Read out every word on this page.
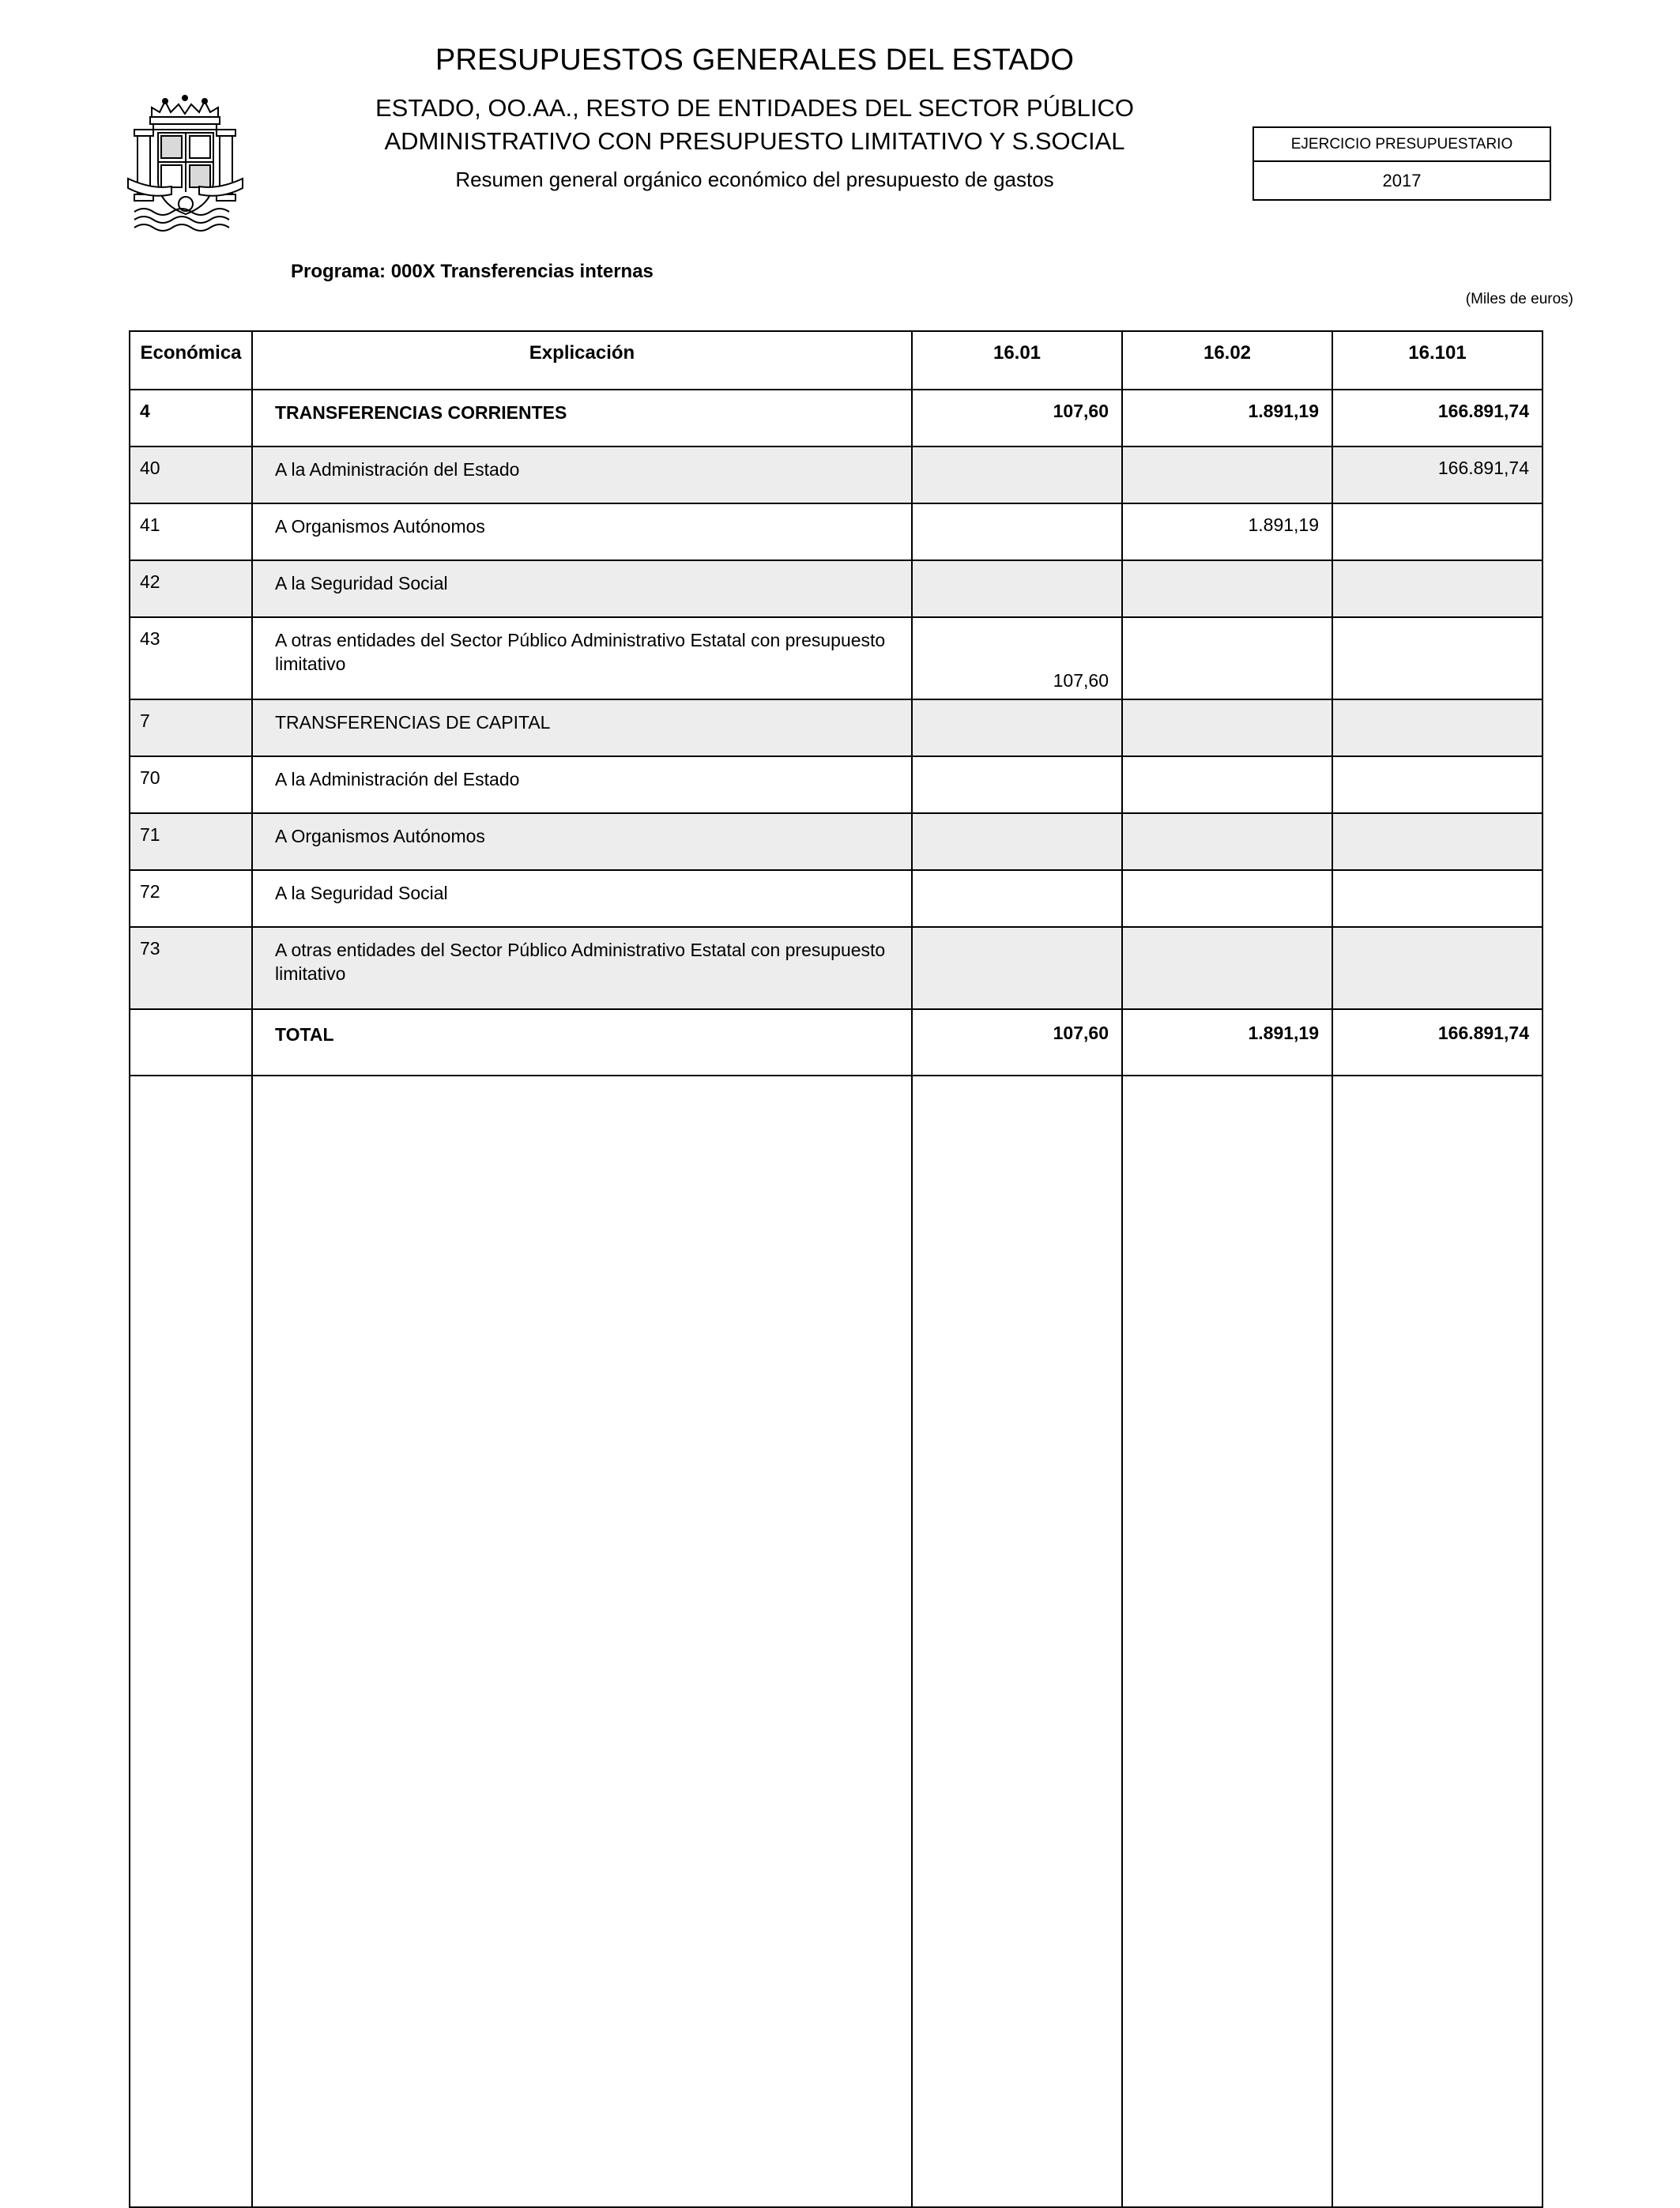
PRESUPUESTOS GENERALES DEL ESTADO
ESTADO, OO.AA., RESTO DE ENTIDADES DEL SECTOR PÚBLICO
ADMINISTRATIVO CON PRESUPUESTO LIMITATIVO Y S.SOCIAL
Resumen general orgánico económico del presupuesto de gastos
EJERCICIO PRESUPUESTARIO
2017
Programa: 000X Transferencias internas
(Miles de euros)
Económica	Explicación	16.01	16.02	16.101
4	TRANSFERENCIAS CORRIENTES	107,60	1.891,19	166.891,74
40	A la Administración del Estado			166.891,74
41	A Organismos Autónomos		1.891,19	
42	A la Seguridad Social			
43	A otras entidades del Sector Público Administrativo Estatal con presupuesto limitativo	107,60		
7	TRANSFERENCIAS DE CAPITAL			
70	A la Administración del Estado			
71	A Organismos Autónomos			
72	A la Seguridad Social			
73	A otras entidades del Sector Público Administrativo Estatal con presupuesto limitativo			
	TOTAL	107,60	1.891,19	166.891,74
